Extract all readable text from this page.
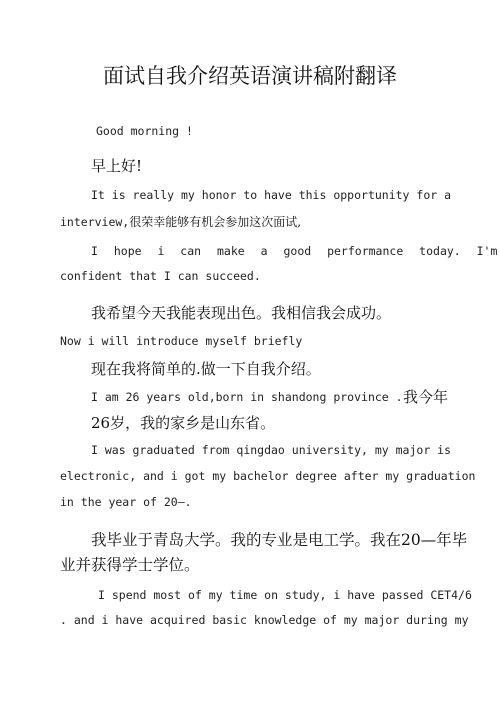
面试自我介绍英语演讲稿附翻译
Good morning !
早上好!
It is really my honor to have this opportunity for a
interview,很荣幸能够有机会参加这次面试,
I hope i can make a good performance today. I'm
confident that I can succeed.
我希望今天我能表现出色。我相信我会成功。
Now i will introduce myself briefly
现在我将简单的.做一下自我介绍。
I am 26 years old,born in shandong province . 我今年
26岁，我的家乡是山东省。
I was graduated from qingdao university, my major is
electronic, and i got my bachelor degree after my graduation
in the year of 20—.
我毕业于青岛大学。我的专业是电工学。我在20—年毕
业并获得学士学位。
I spend most of my time on study, i have passed CET4/6
. and i have acquired basic knowledge of my major during my
